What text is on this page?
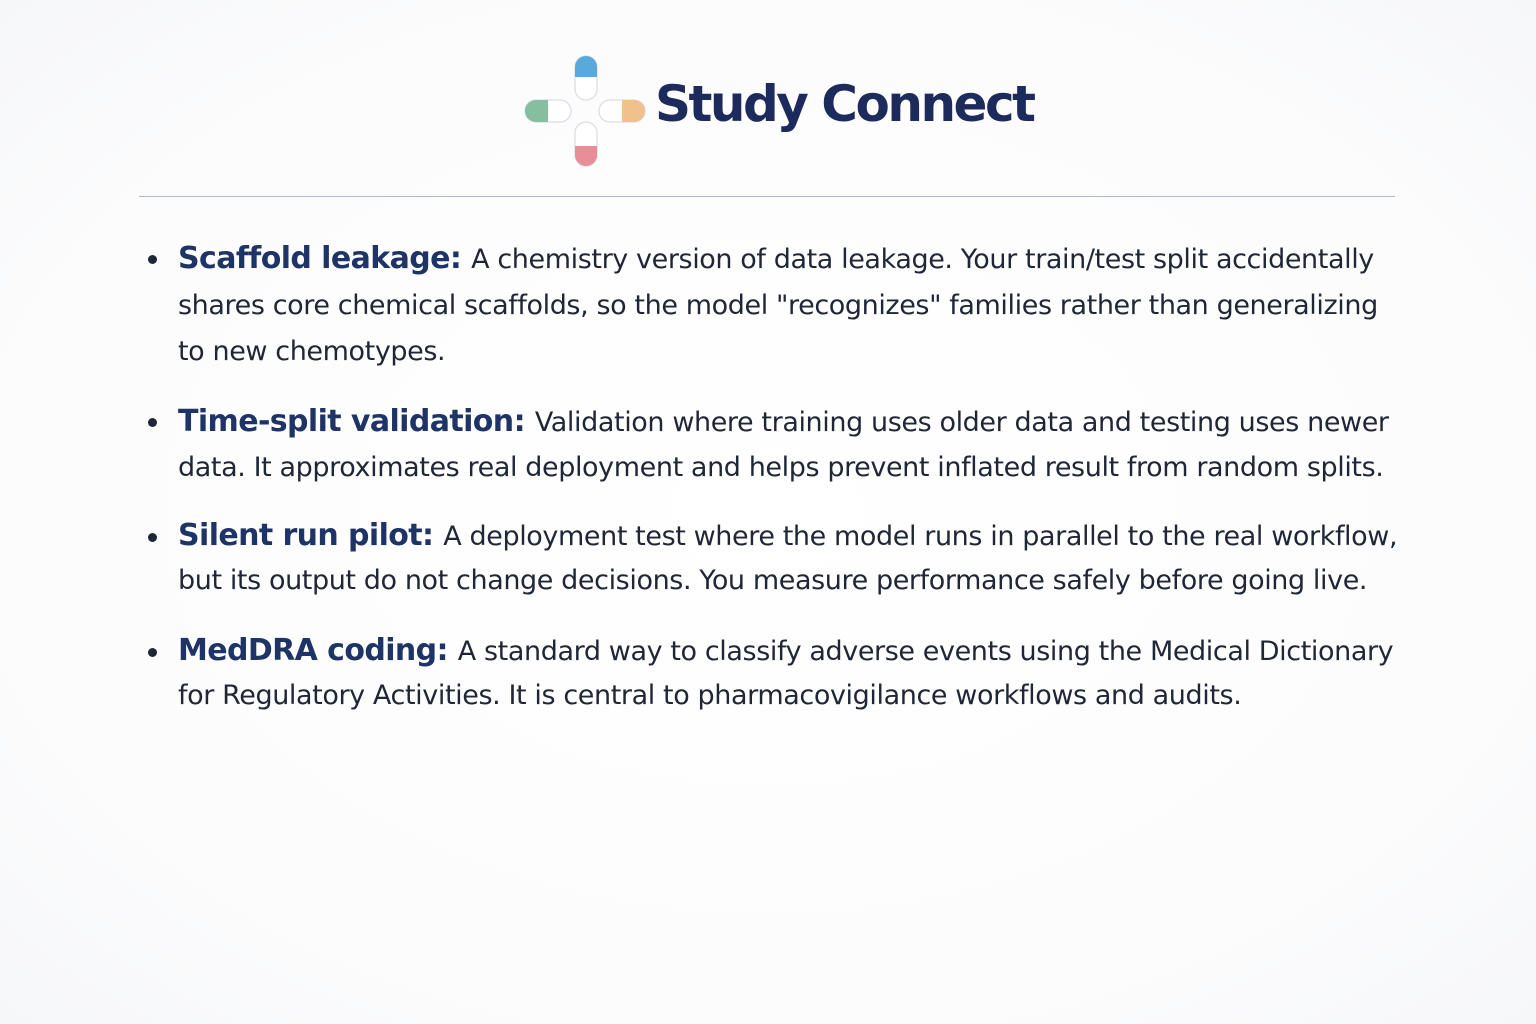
Study Connect
Scaffold leakage: A chemistry version of data leakage. Your train/test split accidentally shares core chemical scaffolds, so the model "recognizes" families rather than generalizing to new chemotypes.
Time-split validation: Validation where training uses older data and testing uses newer data. It approximates real deployment and helps prevent inflated result from random splits.
Silent run pilot: A deployment test where the model runs in parallel to the real workflow, but its output do not change decisions. You measure performance safely before going live.
MedDRA coding: A standard way to classify adverse events using the Medical Dictionary for Regulatory Activities. It is central to pharmacovigilance workflows and audits.
